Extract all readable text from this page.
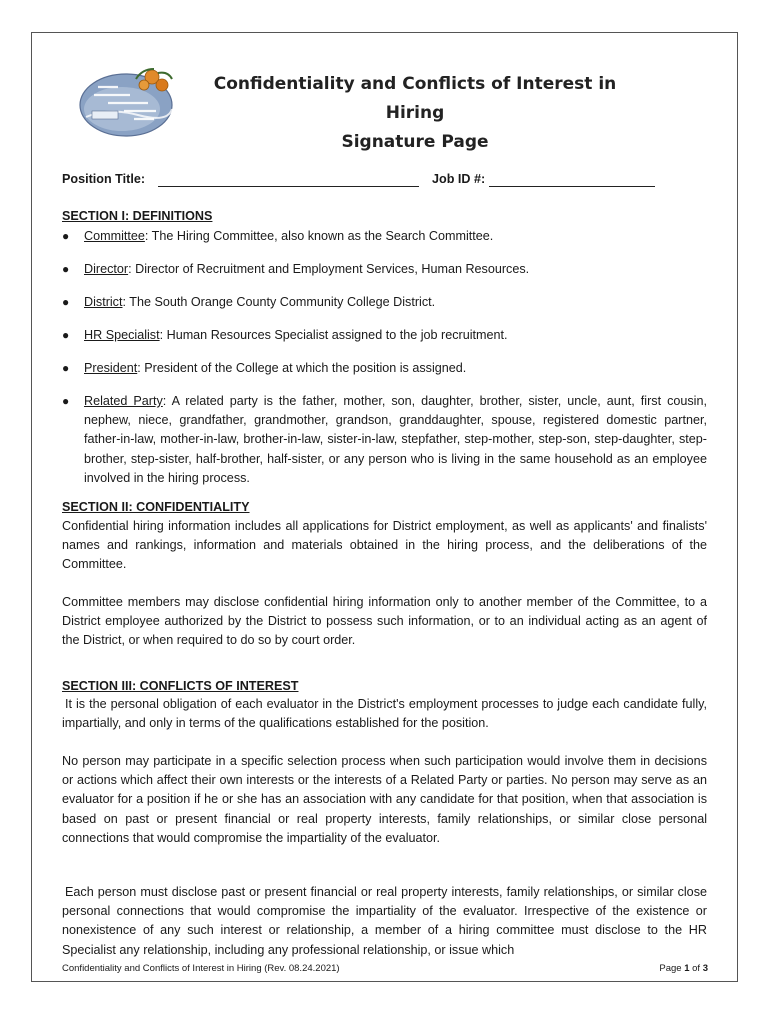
Confidentiality and Conflicts of Interest in Hiring
Signature Page
Position Title:	Job ID #:
SECTION I: DEFINITIONS
● Committee: The Hiring Committee, also known as the Search Committee.
● Director: Director of Recruitment and Employment Services, Human Resources.
● District: The South Orange County Community College District.
● HR Specialist: Human Resources Specialist assigned to the job recruitment.
● President: President of the College at which the position is assigned.
● Related Party: A related party is the father, mother, son, daughter, brother, sister, uncle, aunt, first cousin, nephew, niece, grandfather, grandmother, grandson, granddaughter, spouse, registered domestic partner, father-in-law, mother-in-law, brother-in-law, sister-in-law, stepfather, step-mother, step-son, step-daughter, step-brother, step-sister, half-brother, half-sister, or any person who is living in the same household as an employee involved in the hiring process.
SECTION II: CONFIDENTIALITY
Confidential hiring information includes all applications for District employment, as well as applicants' and finalists' names and rankings, information and materials obtained in the hiring process, and the deliberations of the Committee.
Committee members may disclose confidential hiring information only to another member of the Committee, to a District employee authorized by the District to possess such information, or to an individual acting as an agent of the District, or when required to do so by court order.
SECTION III: CONFLICTS OF INTEREST
It is the personal obligation of each evaluator in the District's employment processes to judge each candidate fully, impartially, and only in terms of the qualifications established for the position.
No person may participate in a specific selection process when such participation would involve them in decisions or actions which affect their own interests or the interests of a Related Party or parties. No person may serve as an evaluator for a position if he or she has an association with any candidate for that position, when that association is based on past or present financial or real property interests, family relationships, or similar close personal connections that would compromise the impartiality of the evaluator.
Each person must disclose past or present financial or real property interests, family relationships, or similar close personal connections that would compromise the impartiality of the evaluator. Irrespective of the existence or nonexistence of any such interest or relationship, a member of a hiring committee must disclose to the HR Specialist any relationship, including any professional relationship, or issue which
Confidentiality and Conflicts of Interest in Hiring (Rev. 08.24.2021)	Page 1 of 3
